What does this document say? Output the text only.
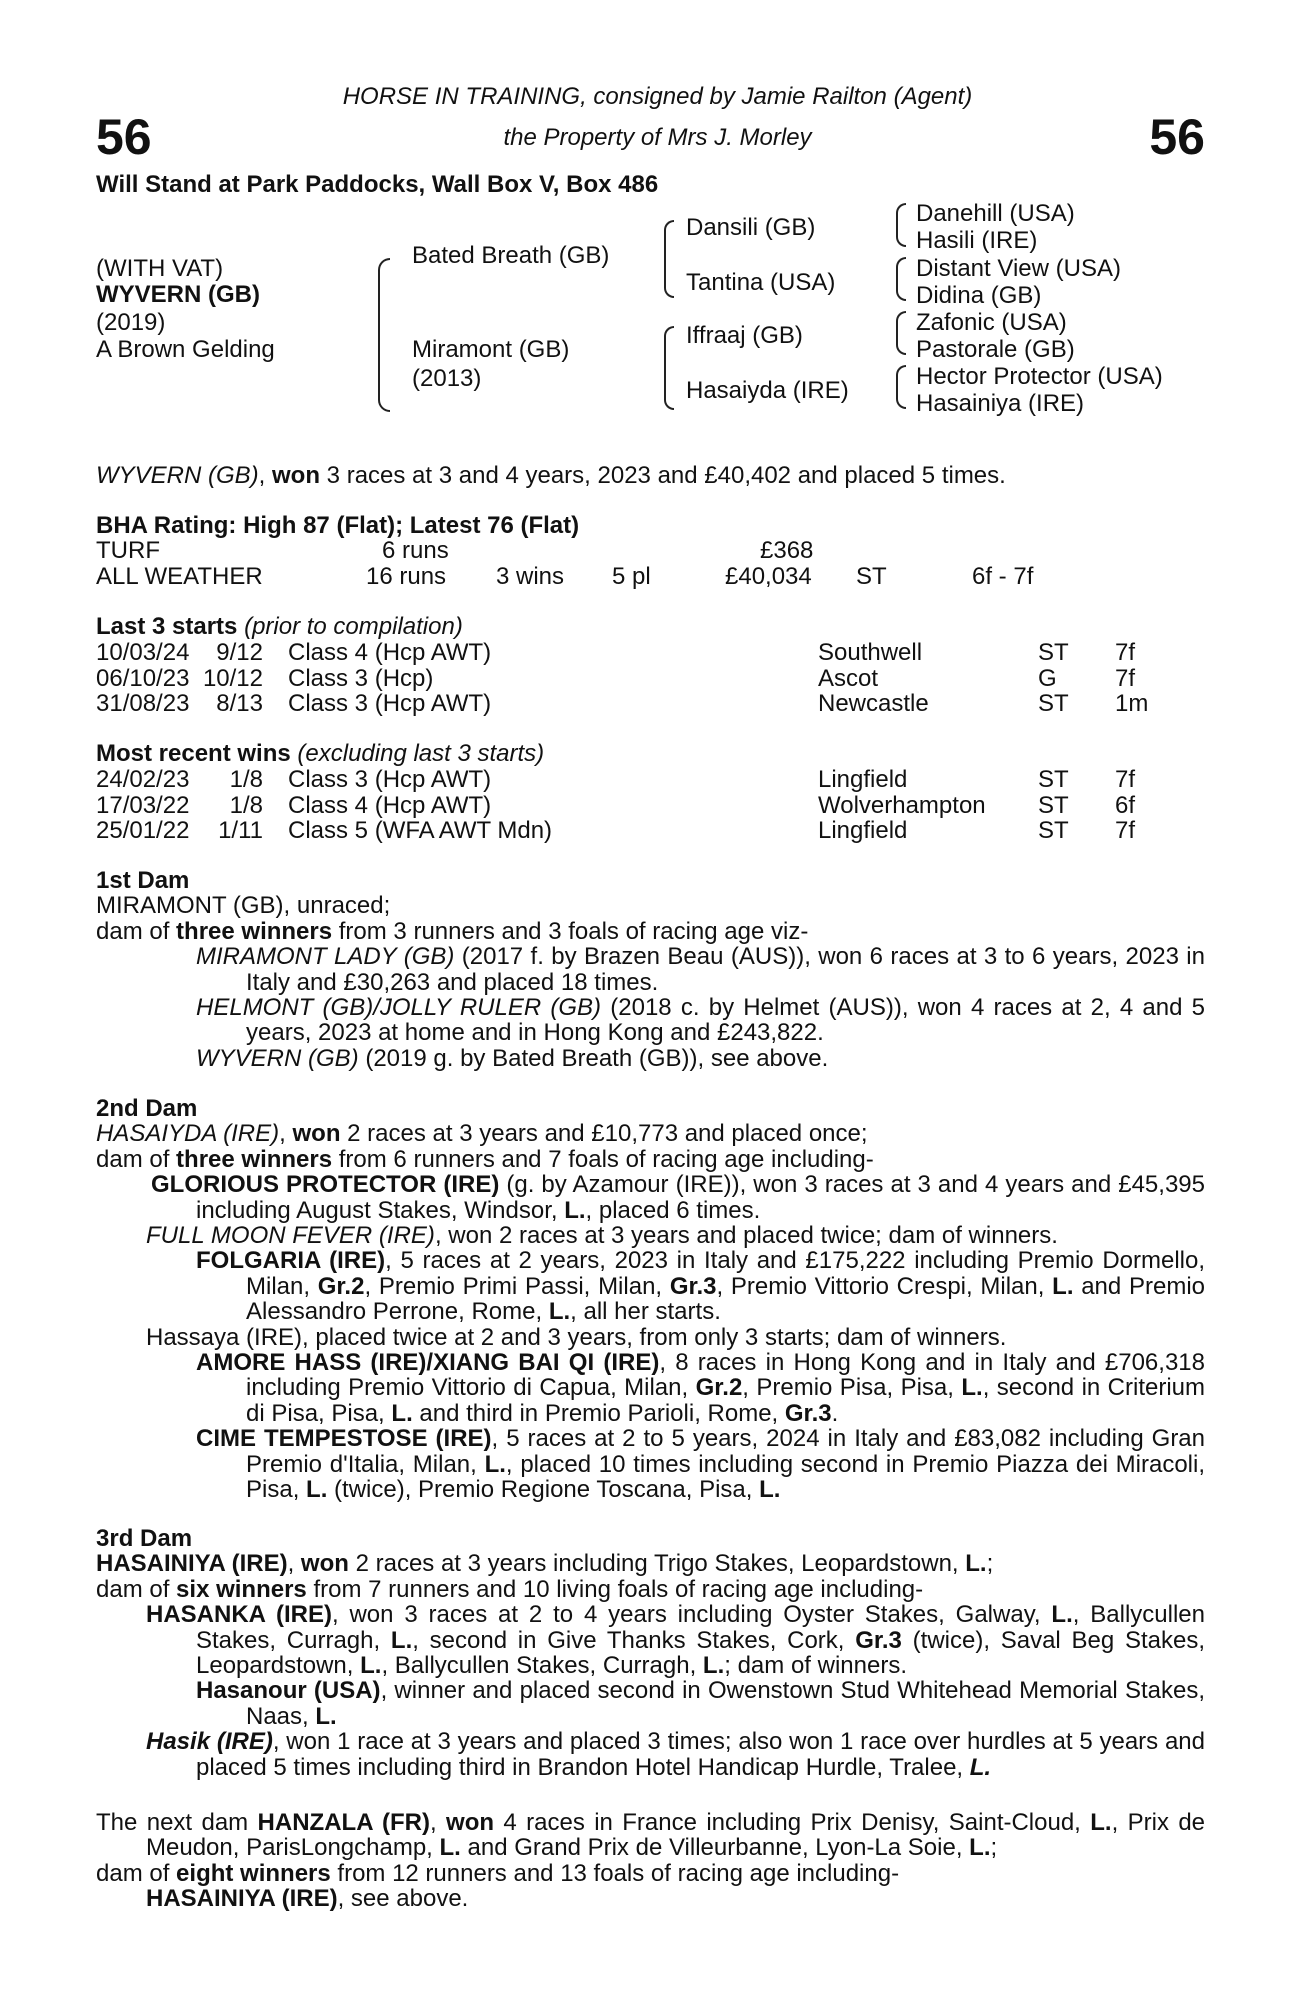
56	56
HORSE IN TRAINING, consigned by Jamie Railton (Agent)
the Property of Mrs J. Morley
Will Stand at Park Paddocks, Wall Box V, Box 486
(WITH VAT)
WYVERN (GB)
(2019)
A Brown Gelding
Bated Breath (GB)
Miramont (GB)
(2013)
Dansili (GB)
Tantina (USA)
Iffraaj (GB)
Hasaiyda (IRE)
Danehill (USA)
Hasili (IRE)
Distant View (USA)
Didina (GB)
Zafonic (USA)
Pastorale (GB)
Hector Protector (USA)
Hasainiya (IRE)
WYVERN (GB), won 3 races at 3 and 4 years, 2023 and £40,402 and placed 5 times.
BHA Rating: High 87 (Flat); Latest 76 (Flat)
TURF	6 runs	£368
ALL WEATHER	16 runs 3 wins 5 pl	£40,034 ST	6f - 7f
Last 3 starts (prior to compilation)
10/03/24 9/12 Class 4 (Hcp AWT)	Southwell	ST 7f
06/10/23 10/12 Class 3 (Hcp)	Ascot	G 7f
31/08/23 8/13 Class 3 (Hcp AWT)	Newcastle	ST 1m
Most recent wins (excluding last 3 starts)
24/02/23 1/8 Class 3 (Hcp AWT)	Lingfield	ST 7f
17/03/22 1/8 Class 4 (Hcp AWT)	Wolverhampton ST 6f
25/01/22 1/11 Class 5 (WFA AWT Mdn)	Lingfield	ST 7f

1st Dam

MIRAMONT (GB), unraced;

dam of three winners from 3 runners and 3 foals of racing age viz-

MIRAMONT LADY (GB) (2017 f. by Brazen Beau (AUS)), won 6 races at 3 to 6 years, 2023 in Italy and £30,263 and placed 18 times.

HELMONT (GB)/JOLLY RULER (GB) (2018 c. by Helmet (AUS)), won 4 races at 2, 4 and 5 years, 2023 at home and in Hong Kong and £243,822.

WYVERN (GB) (2019 g. by Bated Breath (GB)), see above.

2nd Dam

HASAIYDA (IRE), won 2 races at 3 years and £10,773 and placed once;

dam of three winners from 6 runners and 7 foals of racing age including-

GLORIOUS PROTECTOR (IRE) (g. by Azamour (IRE)), won 3 races at 3 and 4 years and £45,395 including August Stakes, Windsor, L., placed 6 times.

FULL MOON FEVER (IRE), won 2 races at 3 years and placed twice; dam of winners.

FOLGARIA (IRE), 5 races at 2 years, 2023 in Italy and £175,222 including Premio Dormello, Milan, Gr.2, Premio Primi Passi, Milan, Gr.3, Premio Vittorio Crespi, Milan, L. and Premio Alessandro Perrone, Rome, L., all her starts.

Hassaya (IRE), placed twice at 2 and 3 years, from only 3 starts; dam of winners.

AMORE HASS (IRE)/XIANG BAI QI (IRE), 8 races in Hong Kong and in Italy and £706,318 including Premio Vittorio di Capua, Milan, Gr.2, Premio Pisa, Pisa, L., second in Criterium di Pisa, Pisa, L. and third in Premio Parioli, Rome, Gr.3.

CIME TEMPESTOSE (IRE), 5 races at 2 to 5 years, 2024 in Italy and £83,082 including Gran Premio d'Italia, Milan, L., placed 10 times including second in Premio Piazza dei Miracoli, Pisa, L. (twice), Premio Regione Toscana, Pisa, L.

3rd Dam

HASAINIYA (IRE), won 2 races at 3 years including Trigo Stakes, Leopardstown, L.;

dam of six winners from 7 runners and 10 living foals of racing age including-

HASANKA (IRE), won 3 races at 2 to 4 years including Oyster Stakes, Galway, L., Ballycullen Stakes, Curragh, L., second in Give Thanks Stakes, Cork, Gr.3 (twice), Saval Beg Stakes, Leopardstown, L., Ballycullen Stakes, Curragh, L.; dam of winners.

Hasanour (USA), winner and placed second in Owenstown Stud Whitehead Memorial Stakes, Naas, L.

Hasik (IRE), won 1 race at 3 years and placed 3 times; also won 1 race over hurdles at 5 years and placed 5 times including third in Brandon Hotel Handicap Hurdle, Tralee, L.

The next dam HANZALA (FR), won 4 races in France including Prix Denisy, Saint-Cloud, L., Prix de Meudon, ParisLongchamp, L. and Grand Prix de Villeurbanne, Lyon-La Soie, L.;

dam of eight winners from 12 runners and 13 foals of racing age including-

HASAINIYA (IRE), see above.
